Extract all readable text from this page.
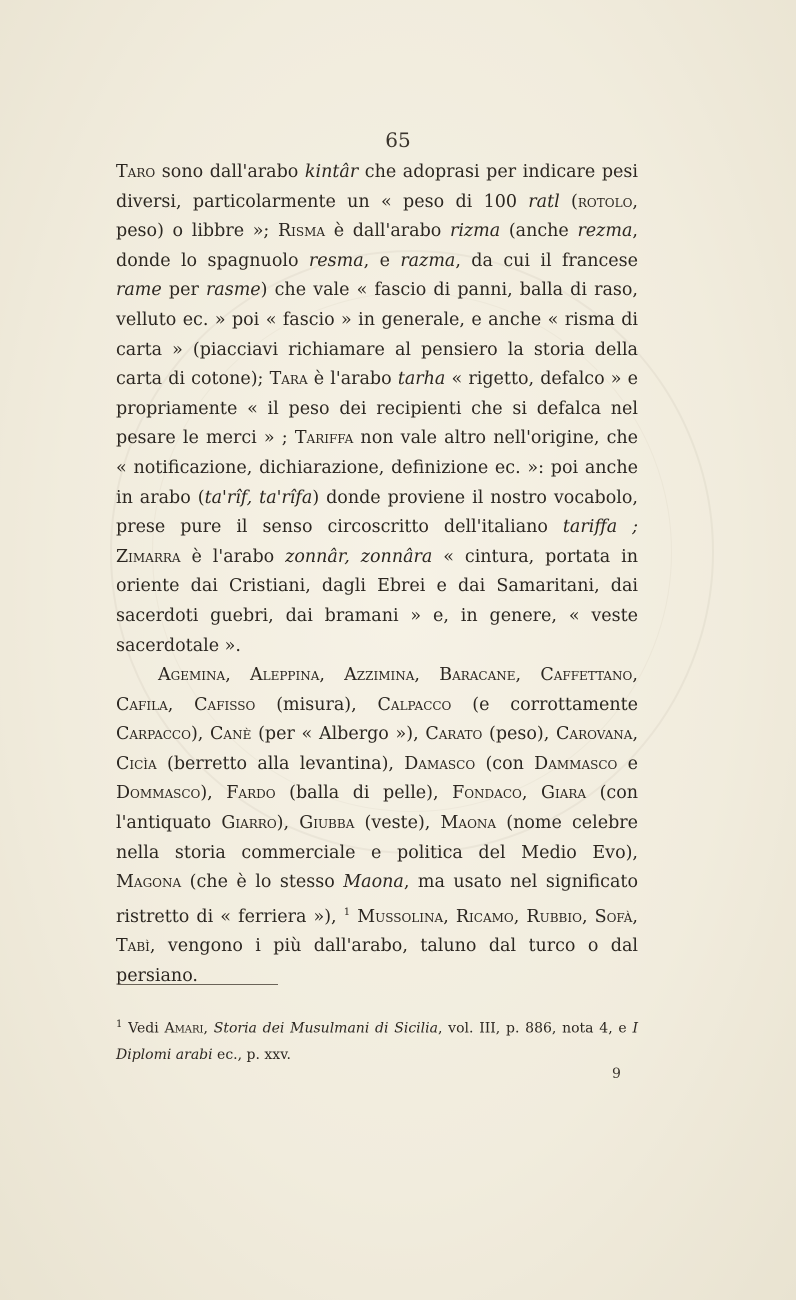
65

Taro sono dall'arabo kintâr che adoprasi per indicare pesi diversi, particolarmente un « peso di 100 ratl (rotolo, peso) o libbre »; Risma è dall'arabo rizma (anche rezma, donde lo spagnuolo resma, e razma, da cui il francese rame per rasme) che vale « fascio di panni, balla di raso, velluto ec. » poi « fascio » in generale, e anche « risma di carta » (piacciavi richiamare al pensiero la storia della carta di cotone); Tara è l'arabo tarha « rigetto, defalco » e propriamente « il peso dei recipienti che si defalca nel pesare le merci » ; Tariffa non vale altro nell'origine, che « notificazione, dichiarazione, definizione ec. »: poi anche in arabo (ta'rîf, ta'rîfa) donde proviene il nostro vocabolo, prese pure il senso circoscritto dell'italiano tariffa ; Zimarra è l'arabo zonnâr, zonnâra « cintura, portata in oriente dai Cristiani, dagli Ebrei e dai Samaritani, dai sacerdoti guebri, dai bramani » e, in genere, « veste sacerdotale ».

Agemina, Aleppina, Azzimina, Baracane, Caffettano, Cafila, Cafisso (misura), Calpacco (e corrottamente Carpacco), Canè (per « Albergo »), Carato (peso), Carovana, Cicìa (berretto alla levantina), Damasco (con Dammasco e Dommasco), Fardo (balla di pelle), Fondaco, Giara (con l'antiquato Giarro), Giubba (veste), Maona (nome celebre nella storia commerciale e politica del Medio Evo), Magona (che è lo stesso Maona, ma usato nel significato ristretto di « ferriera »), $^1$ Mussolina, Ricamo, Rubbio, Sofà, Tabì, vengono i più dall'arabo, taluno dal turco o dal persiano.

$^1$ Vedi Amari, Storia dei Musulmani di Sicilia, vol. III, p. 886, nota 4, e I Diplomi arabi ec., p. xxv.

9
